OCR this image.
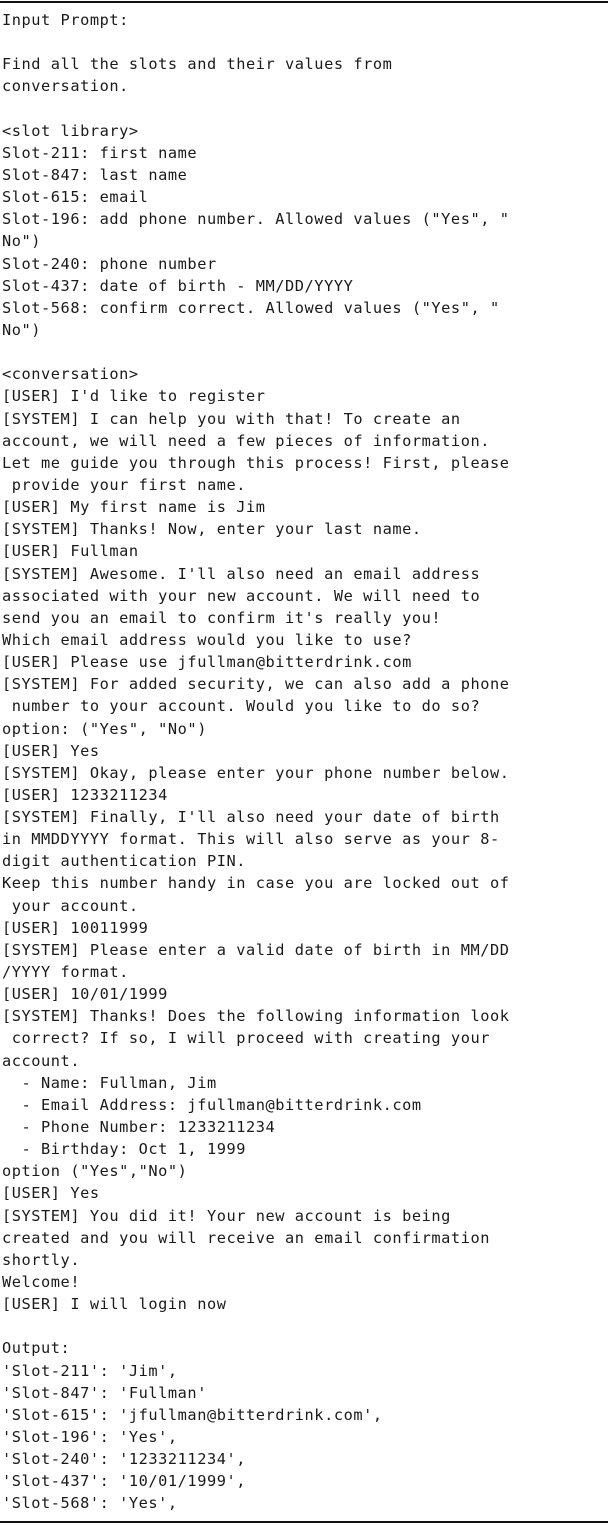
Input Prompt:
Find all the slots and their values from
conversation.
<slot library>
Slot-211: first name
Slot-847: last name
Slot-615: email
Slot-196: add phone number. Allowed values ("Yes", "
No")
Slot-240: phone number
Slot-437: date of birth - MM/DD/YYYY
Slot-568: confirm correct. Allowed values ("Yes", "
No")
<conversation>
[USER] I'd like to register
[SYSTEM] I can help you with that! To create an
account, we will need a few pieces of information.
Let me guide you through this process! First, please
provide your first name.
[USER] My first name is Jim
[SYSTEM] Thanks! Now, enter your last name.
[USER] Fullman
[SYSTEM] Awesome. I'll also need an email address
associated with your new account. We will need to
send you an email to confirm it's really you!
Which email address would you like to use?
[USER] Please use jfullman@bitterdrink.com
[SYSTEM] For added security, we can also add a phone
number to your account. Would you like to do so?
option: ("Yes", "No")
[USER] Yes
[SYSTEM] Okay, please enter your phone number below.
[USER] 1233211234
[SYSTEM] Finally, I'll also need your date of birth
in MMDDYYYY format. This will also serve as your 8-
digit authentication PIN.
Keep this number handy in case you are locked out of
your account.
[USER] 10011999
[SYSTEM] Please enter a valid date of birth in MM/DD
/YYYY format.
[USER] 10/01/1999
[SYSTEM] Thanks! Does the following information look
correct? If so, I will proceed with creating your
account.
- Name: Fullman, Jim
- Email Address: jfullman@bitterdrink.com
- Phone Number: 1233211234
- Birthday: Oct 1, 1999
option ("Yes","No")
[USER] Yes
[SYSTEM] You did it! Your new account is being
created and you will receive an email confirmation
shortly.
Welcome!
[USER] I will login now
Output:
'Slot-211': 'Jim',
'Slot-847': 'Fullman'
'Slot-615': 'jfullman@bitterdrink.com',
'Slot-196': 'Yes',
'Slot-240': '1233211234',
'Slot-437': '10/01/1999',
'Slot-568': 'Yes',
